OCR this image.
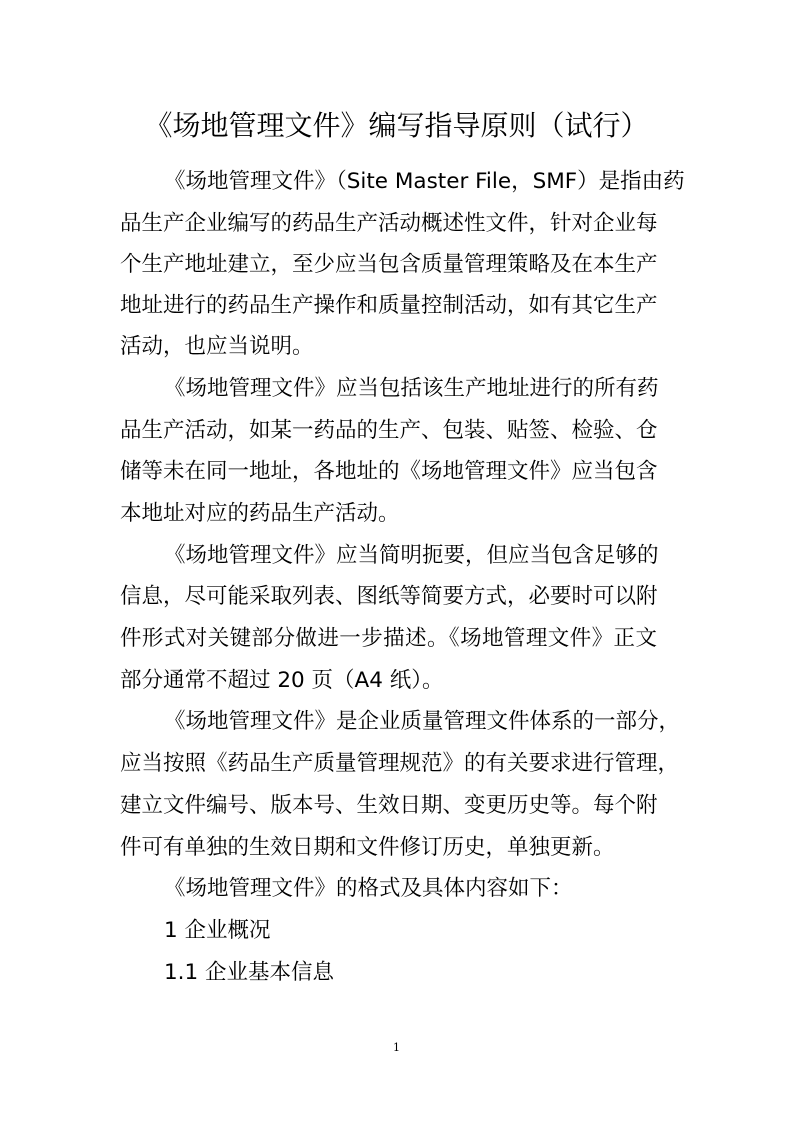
《场地管理文件》编写指导原则（试行）

《场地管理文件》（Site Master File，SMF）是指由药

品生产企业编写的药品生产活动概述性文件，针对企业每

个生产地址建立，至少应当包含质量管理策略及在本生产

地址进行的药品生产操作和质量控制活动，如有其它生产

活动，也应当说明。

《场地管理文件》应当包括该生产地址进行的所有药

品生产活动，如某一药品的生产、包装、贴签、检验、仓

储等未在同一地址，各地址的《场地管理文件》应当包含

本地址对应的药品生产活动。

《场地管理文件》应当简明扼要，但应当包含足够的

信息，尽可能采取列表、图纸等简要方式，必要时可以附

件形式对关键部分做进一步描述。《场地管理文件》正文

部分通常不超过 20 页（A4 纸）。

《场地管理文件》是企业质量管理文件体系的一部分，

应当按照《药品生产质量管理规范》的有关要求进行管理，

建立文件编号、版本号、生效日期、变更历史等。每个附

件可有单独的生效日期和文件修订历史，单独更新。

《场地管理文件》的格式及具体内容如下：

1 企业概况

1.1 企业基本信息

1
